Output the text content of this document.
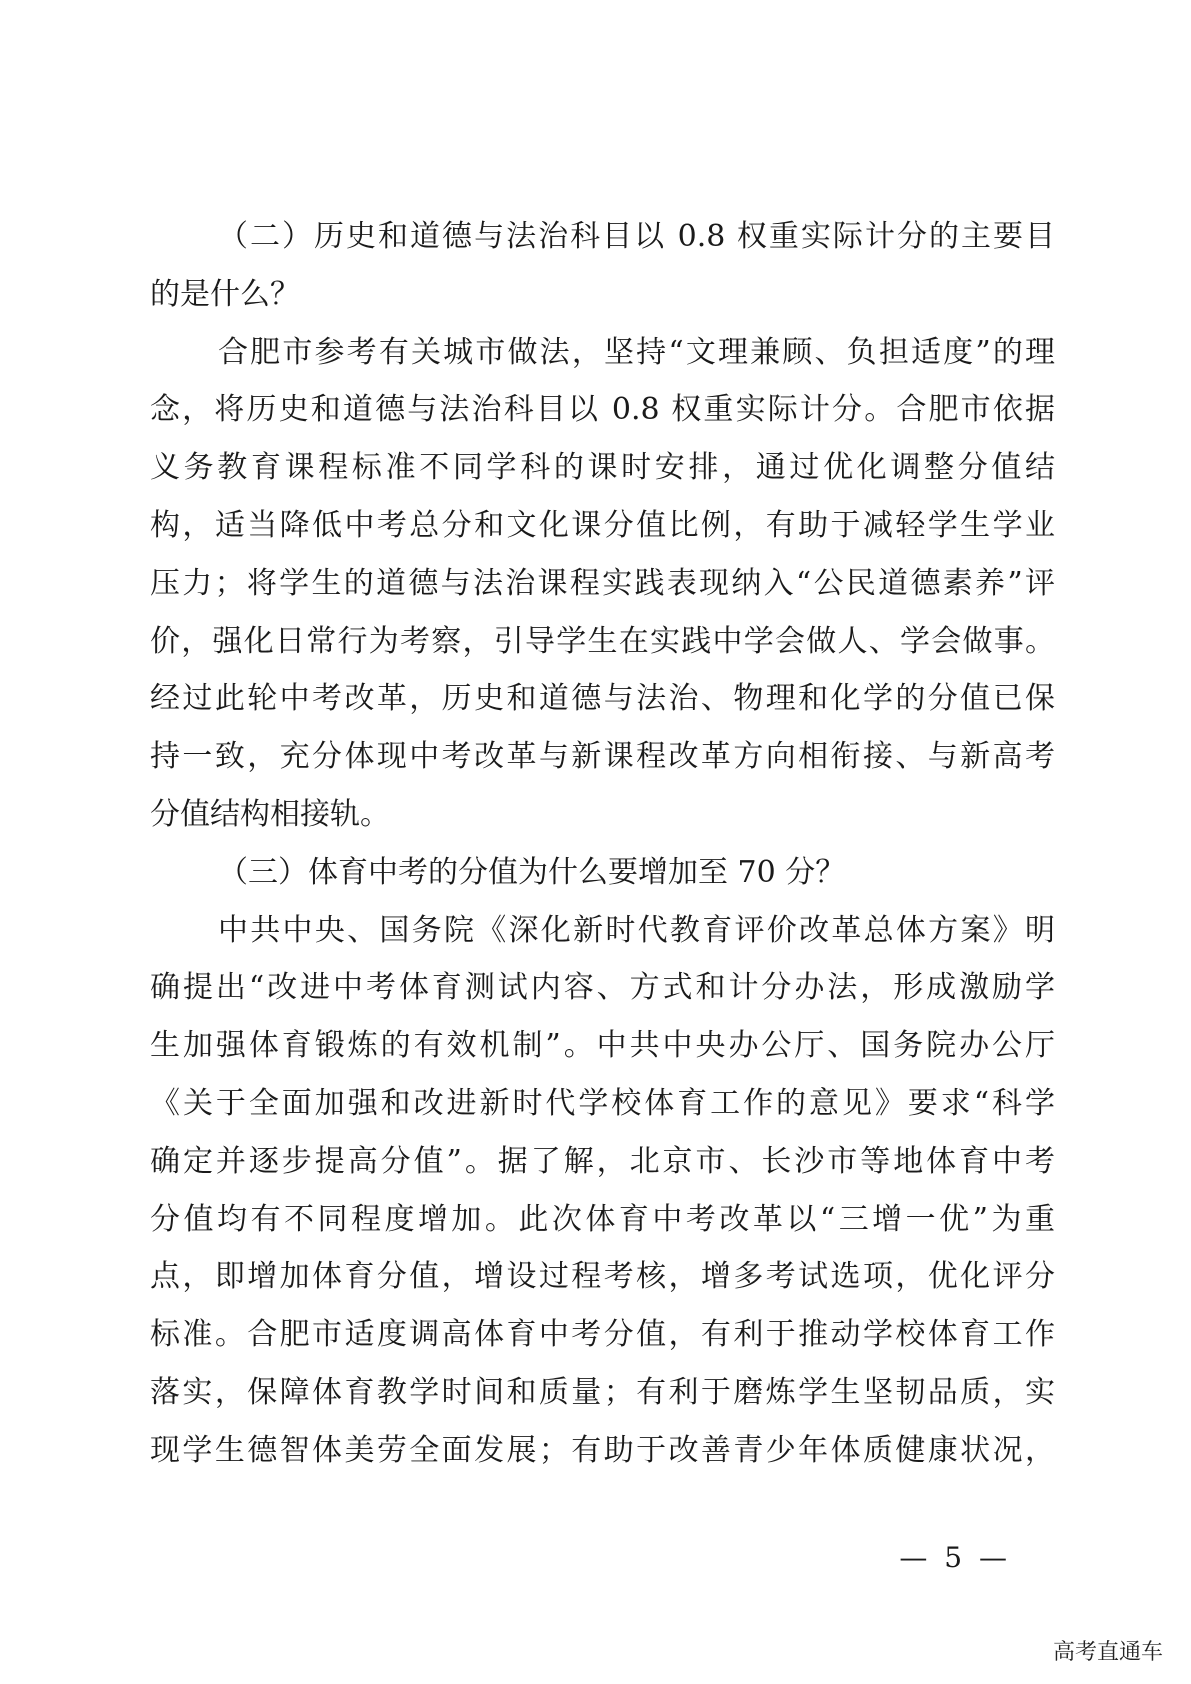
（二）历史和道德与法治科目以 0.8 权重实际计分的主要目
的是什么？
合肥市参考有关城市做法，坚持“文理兼顾、负担适度”的理
念，将历史和道德与法治科目以 0.8 权重实际计分。合肥市依据
义务教育课程标准不同学科的课时安排，通过优化调整分值结
构，适当降低中考总分和文化课分值比例，有助于减轻学生学业
压力；将学生的道德与法治课程实践表现纳入“公民道德素养”评
价，强化日常行为考察，引导学生在实践中学会做人、学会做事。
经过此轮中考改革，历史和道德与法治、物理和化学的分值已保
持一致，充分体现中考改革与新课程改革方向相衔接、与新高考
分值结构相接轨。
（三）体育中考的分值为什么要增加至 70 分？
中共中央、国务院《深化新时代教育评价改革总体方案》明
确提出“改进中考体育测试内容、方式和计分办法，形成激励学
生加强体育锻炼的有效机制”。中共中央办公厅、国务院办公厅
《关于全面加强和改进新时代学校体育工作的意见》要求“科学
确定并逐步提高分值”。据了解，北京市、长沙市等地体育中考
分值均有不同程度增加。此次体育中考改革以“三增一优”为重
点，即增加体育分值，增设过程考核，增多考试选项，优化评分
标准。合肥市适度调高体育中考分值，有利于推动学校体育工作
落实，保障体育教学时间和质量；有利于磨炼学生坚韧品质，实
现学生德智体美劳全面发展；有助于改善青少年体质健康状况，
— 5 —
高考直通车
